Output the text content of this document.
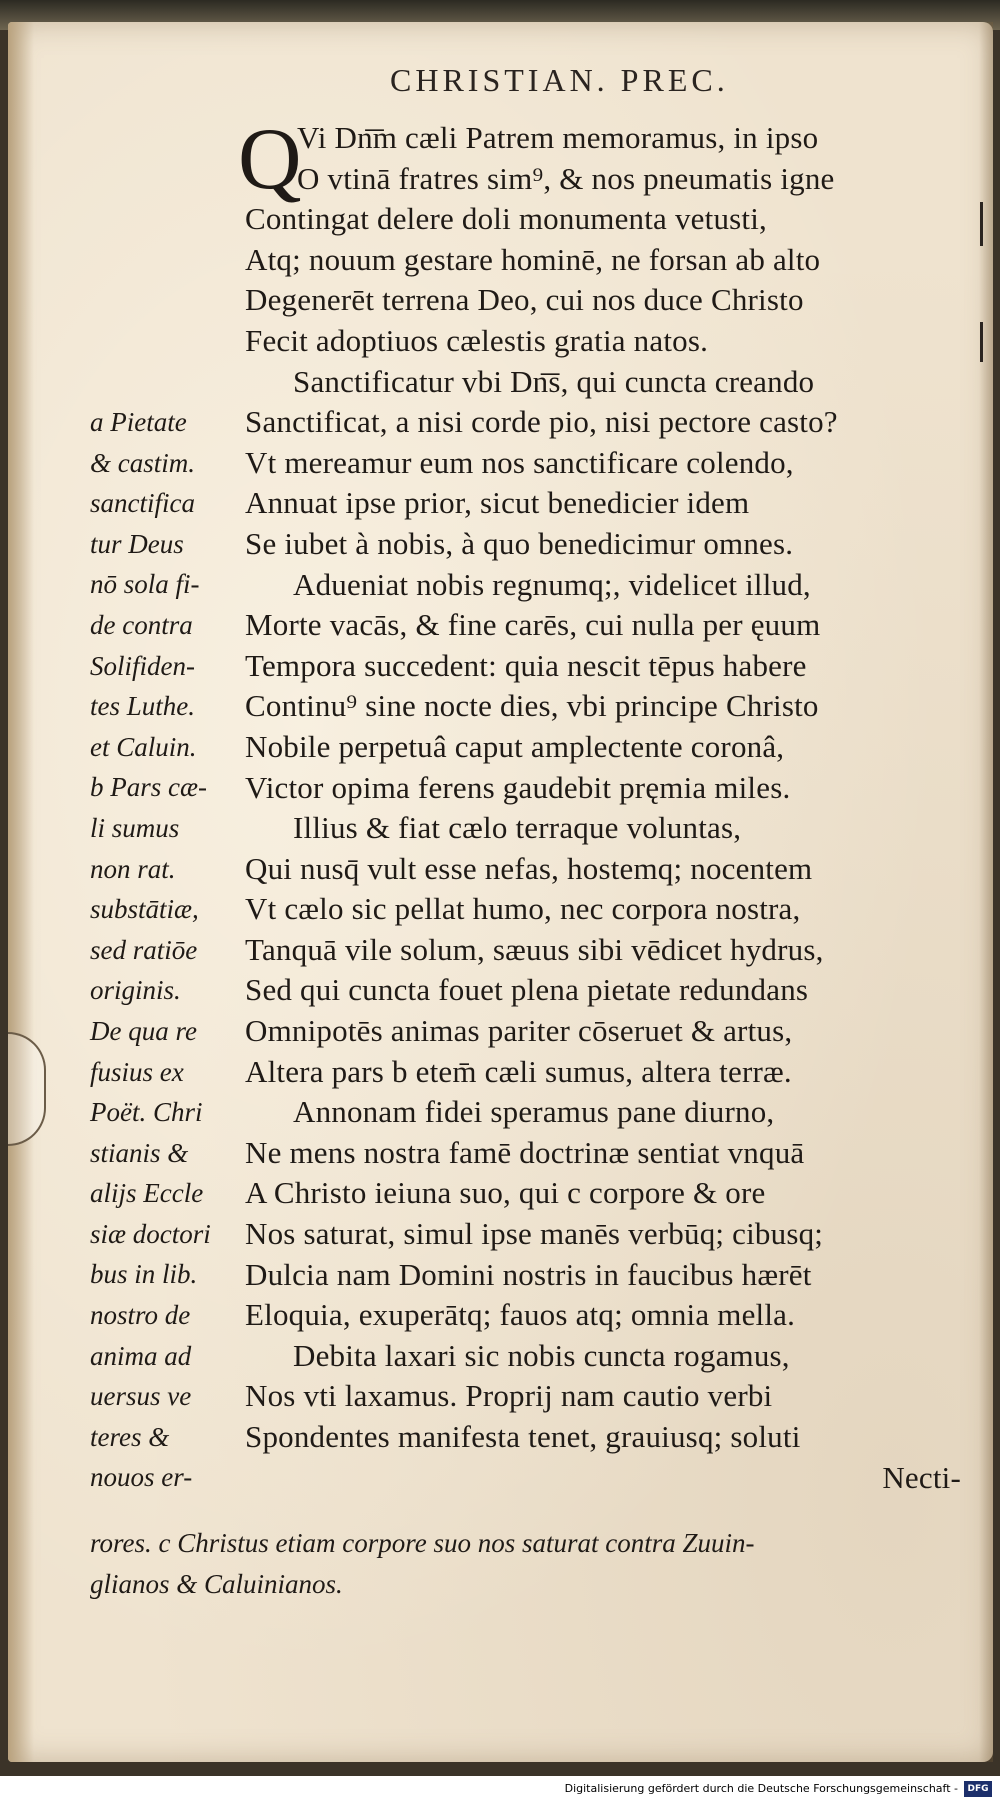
CHRISTIAN. PREC.
Q
Vi Dn͞m cæli Patrem memoramus, in ipso
O vtinā fratres sim⁹, & nos pneumatis igne
Contingat delere doli monumenta vetusti,
Atq; nouum gestare hominē, ne forsan ab alto
Degenerēt terrena Deo, cui nos duce Christo
Fecit adoptiuos cælestis gratia natos.
Sanctificatur vbi Dn͞s, qui cuncta creando
Sanctificat, a nisi corde pio, nisi pectore casto?
Vt mereamur eum nos sanctificare colendo,
Annuat ipse prior, sicut benedicier idem
Se iubet à nobis, à quo benedicimur omnes.
Adueniat nobis regnumq;, videlicet illud,
Morte vacās, & fine carēs, cui nulla per ęuum
Tempora succedent: quia nescit tēpus habere
Continu⁹ sine nocte dies, vbi principe Christo
Nobile perpetuâ caput amplectente coronâ,
Victor opima ferens gaudebit pręmia miles.
Illius & fiat cælo terraque voluntas,
Qui nusq̄ vult esse nefas, hostemq; nocentem
Vt cælo sic pellat humo, nec corpora nostra,
Tanquā vile solum, sæuus sibi vēdicet hydrus,
Sed qui cuncta fouet plena pietate redundans
Omnipotēs animas pariter cōseruet & artus,
Altera pars b etem̄ cæli sumus, altera terræ.
Annonam fidei speramus pane diurno,
Ne mens nostra famē doctrinæ sentiat vnquā
A Christo ieiuna suo, qui c corpore & ore
Nos saturat, simul ipse manēs verbūq; cibusq;
Dulcia nam Domini nostris in faucibus hærēt
Eloquia, exuperātq; fauos atq; omnia mella.
Debita laxari sic nobis cuncta rogamus,
Nos vti laxamus. Proprij nam cautio verbi
Spondentes manifesta tenet, grauiusq; soluti
Necti-
a Pietate
& castim.
sanctifica
tur Deus
nō sola fi-
de contra
Solifiden-
tes Luthe.
et Caluin.
b Pars cæ-
li sumus
non rat.
substātiæ,
sed ratiōe
originis.
De qua re
fusius ex
Poët. Chri
stianis &
alijs Eccle
siæ doctori
bus in lib.
nostro de
anima ad
uersus ve
teres &
nouos er-
rores. c Christus etiam corpore suo nos saturat contra Zuuin-
glianos & Caluinianos.
Digitalisierung gefördert durch die Deutsche Forschungsgemeinschaft -	DFG
